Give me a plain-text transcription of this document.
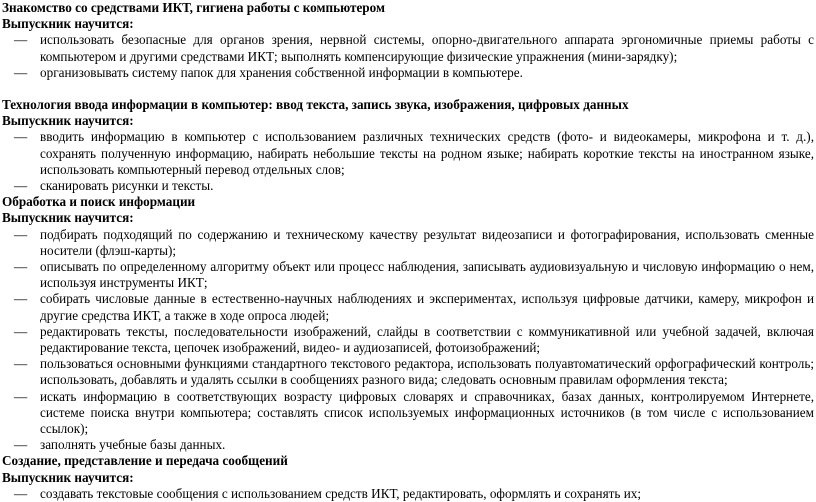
Знакомство со средствами ИКТ, гигиена работы с компьютером
Выпускник научится:
— использовать безопасные для органов зрения, нервной системы, опорно-двигательного аппарата эргономичные приемы работы с компьютером и другими средствами ИКТ; выполнять компенсирующие физические упражнения (мини-зарядку);
— организовывать систему папок для хранения собственной информации в компьютере.
Технология ввода информации в компьютер: ввод текста, запись звука, изображения, цифровых данных
Выпускник научится:
— вводить информацию в компьютер с использованием различных технических средств (фото- и видеокамеры, микрофона и т. д.), сохранять полученную информацию, набирать небольшие тексты на родном языке; набирать короткие тексты на иностранном языке, использовать компьютерный перевод отдельных слов;
— сканировать рисунки и тексты.
Обработка и поиск информации
Выпускник научится:
— подбирать подходящий по содержанию и техническому качеству результат видеозаписи и фотографирования, использовать сменные носители (флэш-карты);
— описывать по определенному алгоритму объект или процесс наблюдения, записывать аудиовизуальную и числовую информацию о нем, используя инструменты ИКТ;
— собирать числовые данные в естественно-научных наблюдениях и экспериментах, используя цифровые датчики, камеру, микрофон и другие средства ИКТ, а также в ходе опроса людей;
— редактировать тексты, последовательности изображений, слайды в соответствии с коммуникативной или учебной задачей, включая редактирование текста, цепочек изображений, видео- и аудиозаписей, фотоизображений;
— пользоваться основными функциями стандартного текстового редактора, использовать полуавтоматический орфографический контроль; использовать, добавлять и удалять ссылки в сообщениях разного вида; следовать основным правилам оформления текста;
— искать информацию в соответствующих возрасту цифровых словарях и справочниках, базах данных, контролируемом Интернете, системе поиска внутри компьютера; составлять список используемых информационных источников (в том числе с использованием ссылок);
— заполнять учебные базы данных.
Создание, представление и передача сообщений
Выпускник научится:
— создавать текстовые сообщения с использованием средств ИКТ, редактировать, оформлять и сохранять их;
